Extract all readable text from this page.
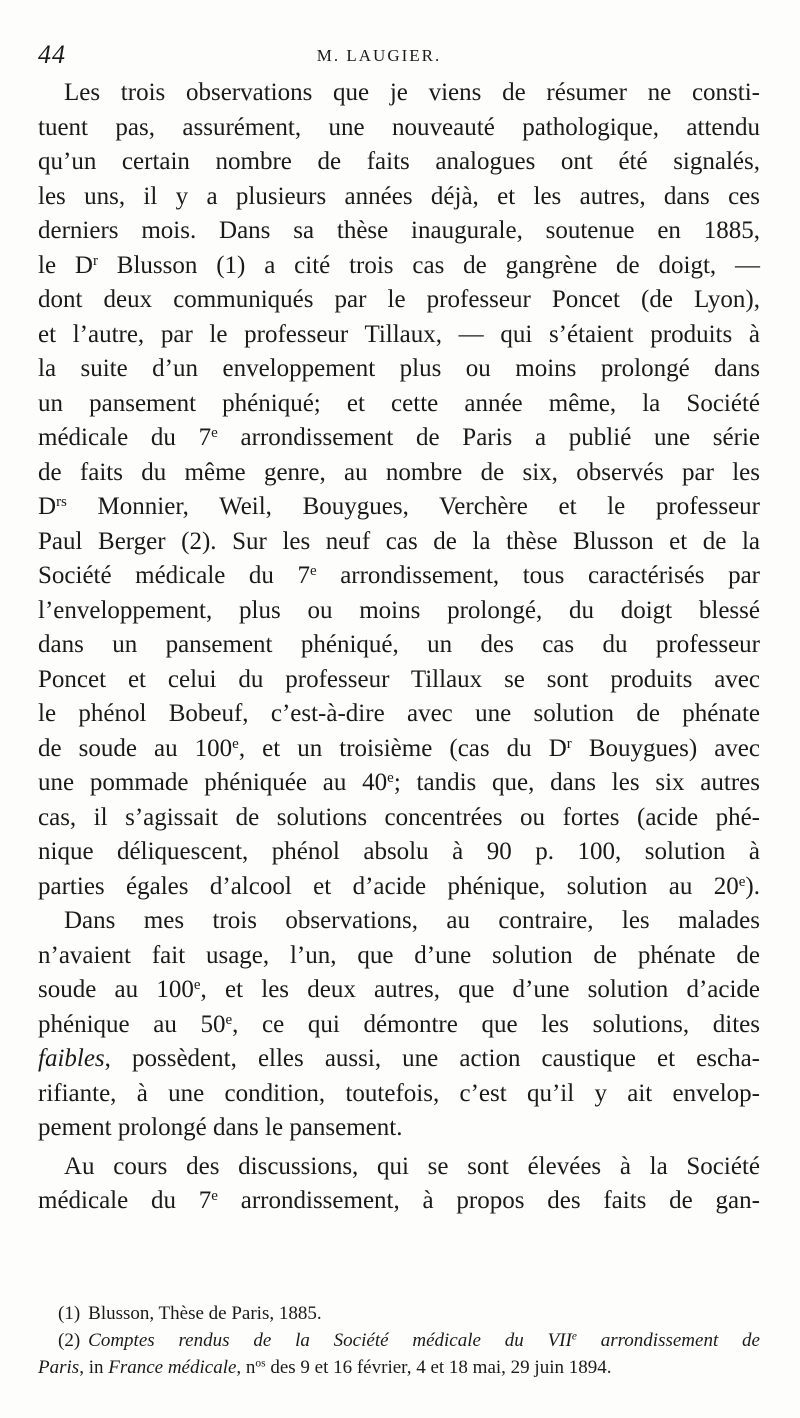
44	M. LAUGIER.
Les trois observations que je viens de résumer ne consti-
tuent pas, assurément, une nouveauté pathologique, attendu
qu’un certain nombre de faits analogues ont été signalés,
les uns, il y a plusieurs années déjà, et les autres, dans ces
derniers mois. Dans sa thèse inaugurale, soutenue en 1885,
le $D^r$ Blusson (1) a cité trois cas de gangrène de doigt, —
dont deux communiqués par le professeur Poncet (de Lyon),
et l’autre, par le professeur Tillaux, — qui s’étaient produits à
la suite d’un enveloppement plus ou moins prolongé dans
un pansement phéniqué; et cette année même, la Société
médicale du 7e arrondissement de Paris a publié une série
de faits du même genre, au nombre de six, observés par les
$D^{rs}$ Monnier, Weil, Bouygues, Verchère et le professeur
Paul Berger (2). Sur les neuf cas de la thèse Blusson et de la
Société médicale du 7e arrondissement, tous caractérisés par
l’enveloppement, plus ou moins prolongé, du doigt blessé
dans un pansement phéniqué, un des cas du professeur
Poncet et celui du professeur Tillaux se sont produits avec
le phénol Bobeuf, c’est-à-dire avec une solution de phénate
de soude au 100e, et un troisième (cas du $D^r$ Bouygues) avec
une pommade phéniquée au 40e; tandis que, dans les six autres
cas, il s’agissait de solutions concentrées ou fortes (acide phé-
nique déliquescent, phénol absolu à 90 p. 100, solution à
parties égales d’alcool et d’acide phénique, solution au 20e).
Dans mes trois observations, au contraire, les malades
n’avaient fait usage, l’un, que d’une solution de phénate de
soude au 100e, et les deux autres, que d’une solution d’acide
phénique au 50e, ce qui démontre que les solutions, dites
faibles, possèdent, elles aussi, une action caustique et escha-
rifiante, à une condition, toutefois, c’est qu’il y ait envelop-
pement prolongé dans le pansement.
Au cours des discussions, qui se sont élevées à la Société
médicale du 7e arrondissement, à propos des faits de gan-
(1) Blusson, Thèse de Paris, 1885.
(2) Comptes rendus de la Société médicale du VIIe arrondissement de
Paris, in France médicale, $n^{os}$ des 9 et 16 février, 4 et 18 mai, 29 juin 1894.
